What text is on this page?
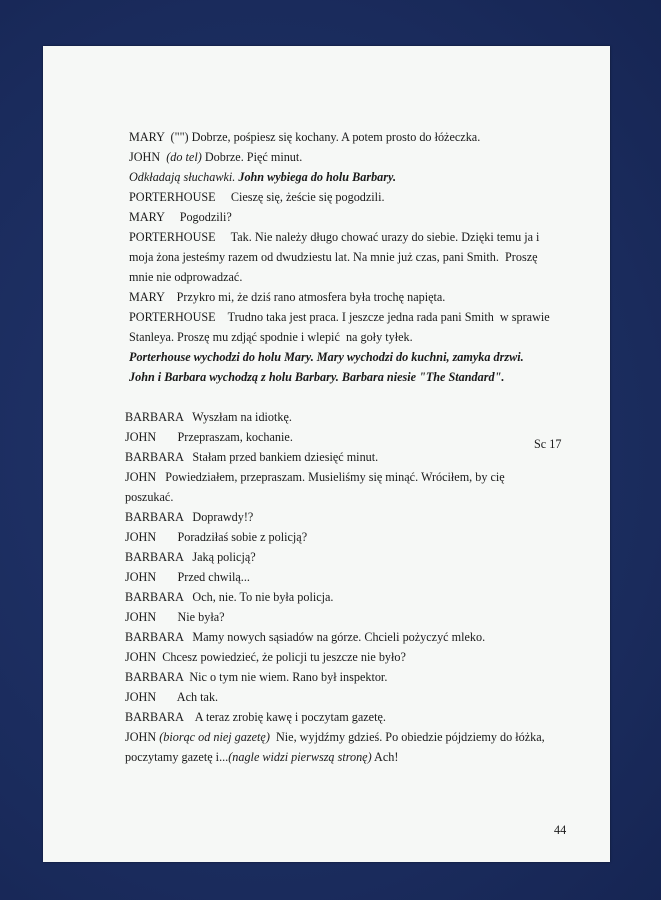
MARY  ("") Dobrze, pośpiesz się kochany. A potem prosto do łóżeczka.
JOHN (do tel) Dobrze. Pięć minut.
Odkładają słuchawki. John wybiega do holu Barbary.
PORTERHOUSE     Cieszę się, żeście się pogodzili.
MARY     Pogodzili?
PORTERHOUSE     Tak. Nie należy długo chować urazy do siebie. Dzięki temu ja i
moja żona jesteśmy razem od dwudziestu lat. Na mnie już czas, pani Smith.  Proszę
mnie nie odprowadzać.
MARY    Przykro mi, że dziś rano atmosfera była trochę napięta.
PORTERHOUSE    Trudno taka jest praca. I jeszcze jedna rada pani Smith  w sprawie
Stanleya. Proszę mu zdjąć spodnie i wlepić  na goły tyłek.
Porterhouse wychodzi do holu Mary. Mary wychodzi do kuchni, zamyka drzwi.
John i Barbara wychodzą z holu Barbary. Barbara niesie "The Standard".
BARBARA   Wyszłam na idiotkę.
JOHN       Przepraszam, kochanie.
BARBARA   Stałam przed bankiem dziesięć minut.
JOHN   Powiedziałem, przepraszam. Musieliśmy się minąć. Wróciłem, by cię
poszukać.
BARBARA   Doprawdy!?
JOHN       Poradziłaś sobie z policją?
BARBARA   Jaką policją?
JOHN       Przed chwilą...
BARBARA   Och, nie. To nie była policja.
JOHN       Nie była?
BARBARA   Mamy nowych sąsiadów na górze. Chcieli pożyczyć mleko.
JOHN  Chcesz powiedzieć, że policji tu jeszcze nie było?
BARBARA  Nic o tym nie wiem. Rano był inspektor.
JOHN       Ach tak.
BARBARA    A teraz zrobię kawę i poczytam gazetę.
JOHN (biorąc od niej gazetę)  Nie, wyjdźmy gdzieś. Po obiedzie pójdziemy do łóżka,
poczytamy gazetę i...(nagle widzi pierwszą stronę) Ach!
Sc 17
44
